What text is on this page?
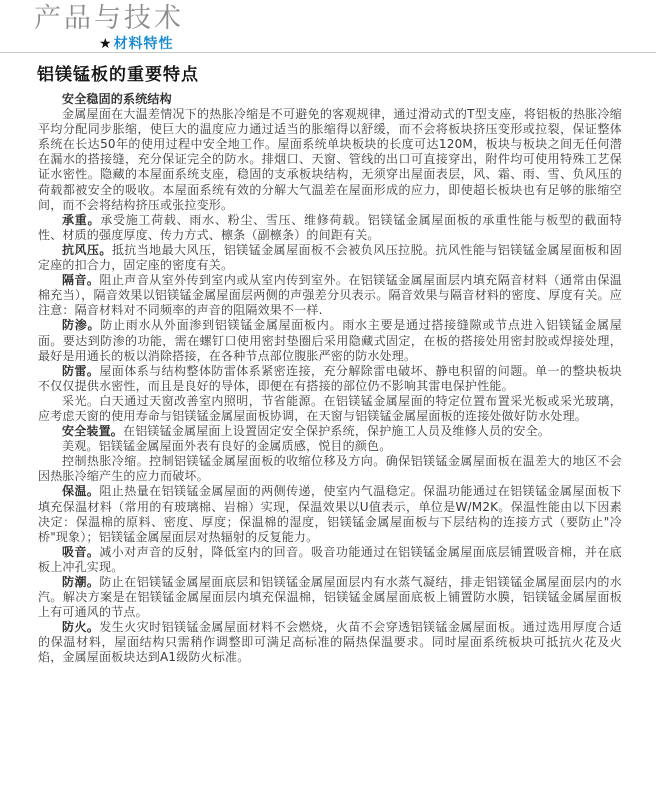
产品与技术
★ 材料特性
铝镁锰板的重要特点

安全稳固的系统结构

金属屋面在大温差情况下的热胀冷缩是不可避免的客观规律，通过滑动式的T型支座，将铝板的热胀冷缩平均分配同步胀缩，使巨大的温度应力通过适当的胀缩得以舒缓，而不会将板块挤压变形或拉裂，保证整体系统在长达50年的使用过程中安全地工作。屋面系统单块板块的长度可达120M，板块与板块之间无任何潜在漏水的搭接缝，充分保证完全的防水。排烟口、天窗、管线的出口可直接穿出，附件均可使用特殊工艺保证水密性。隐藏的本屋面系统支座，稳固的支承板块结构，无须穿出屋面表层，风、霜、雨、雪、负风压的荷载都被安全的吸收。本屋面系统有效的分解大气温差在屋面形成的应力，即使超长板块也有足够的胀缩空间，而不会将结构挤压或张拉变形。

承重。承受施工荷载、雨水、粉尘、雪压、维修荷载。铝镁锰金属屋面板的承重性能与板型的截面特性、材质的强度厚度、传力方式、檩条（副檩条）的间距有关。

抗风压。抵抗当地最大风压，铝镁锰金属屋面板不会被负风压拉脱。抗风性能与铝镁锰金属屋面板和固定座的扣合力，固定座的密度有关。

隔音。阻止声音从室外传到室内或从室内传到室外。在铝镁锰金属屋面层内填充隔音材料（通常由保温棉充当），隔音效果以铝镁锰金属屋面层两侧的声强差分贝表示。隔音效果与隔音材料的密度、厚度有关。应注意：隔音材料对不同频率的声音的阻隔效果不一样.

防渗。防止雨水从外面渗到铝镁锰金属屋面板内。雨水主要是通过搭接缝隙或节点进入铝镁锰金属屋面。要达到防渗的功能，需在螺钉口使用密封垫圈后采用隐藏式固定，在板的搭接处用密封胶或焊接处理，最好是用通长的板以消除搭接，在各种节点部位腹胀严密的防水处理。

防雷。屋面体系与结构整体防雷体系紧密连接，充分解除雷电破坏、静电积留的问题。单一的整块板块不仅仅提供水密性，而且是良好的导体，即便在有搭接的部位仍不影响其雷电保护性能。

采光。白天通过天窗改善室内照明，节省能源。在铝镁锰金属屋面的特定位置布置采光板或采光玻璃，应考虑天窗的使用寿命与铝镁锰金属屋面板协调，在天窗与铝镁锰金属屋面板的连接处做好防水处理。

安全装置。在铝镁锰金属屋面上设置固定安全保护系统，保护施工人员及维修人员的安全。

美观。铝镁锰金属屋面外表有良好的金属质感，悦目的颜色。

控制热胀冷缩。控制铝镁锰金属屋面板的收缩位移及方向。确保铝镁锰金属屋面板在温差大的地区不会因热胀冷缩产生的应力而破坏。

保温。阻止热量在铝镁锰金属屋面的两侧传递，使室内气温稳定。保温功能通过在铝镁锰金属屋面板下填充保温材料（常用的有玻璃棉、岩棉）实现，保温效果以U值表示，单位是W/M2K。保温性能由以下因素决定：保温棉的原料、密度、厚度；保温棉的湿度，铝镁锰金属屋面板与下层结构的连接方式（要防止"冷桥"现象）；铝镁锰金属屋面层对热辐射的反复能力。

吸音。减小对声音的反射，降低室内的回音。吸音功能通过在铝镁锰金属屋面底层铺置吸音棉，并在底板上冲孔实现。

防潮。防止在铝镁锰金属屋面底层和铝镁锰金属屋面层内有水蒸气凝结，排走铝镁锰金属屋面层内的水汽。解决方案是在铝镁锰金属屋面层内填充保温棉，铝镁锰金属屋面底板上铺置防水膜，铝镁锰金属屋面板上有可通风的节点。

防火。发生火灾时铝镁锰金属屋面材料不会燃烧，火苗不会穿透铝镁锰金属屋面板。通过选用厚度合适的保温材料，屋面结构只需稍作调整即可满足高标准的隔热保温要求。同时屋面系统板块可抵抗火花及火焰，金属屋面板块达到A1级防火标准。
